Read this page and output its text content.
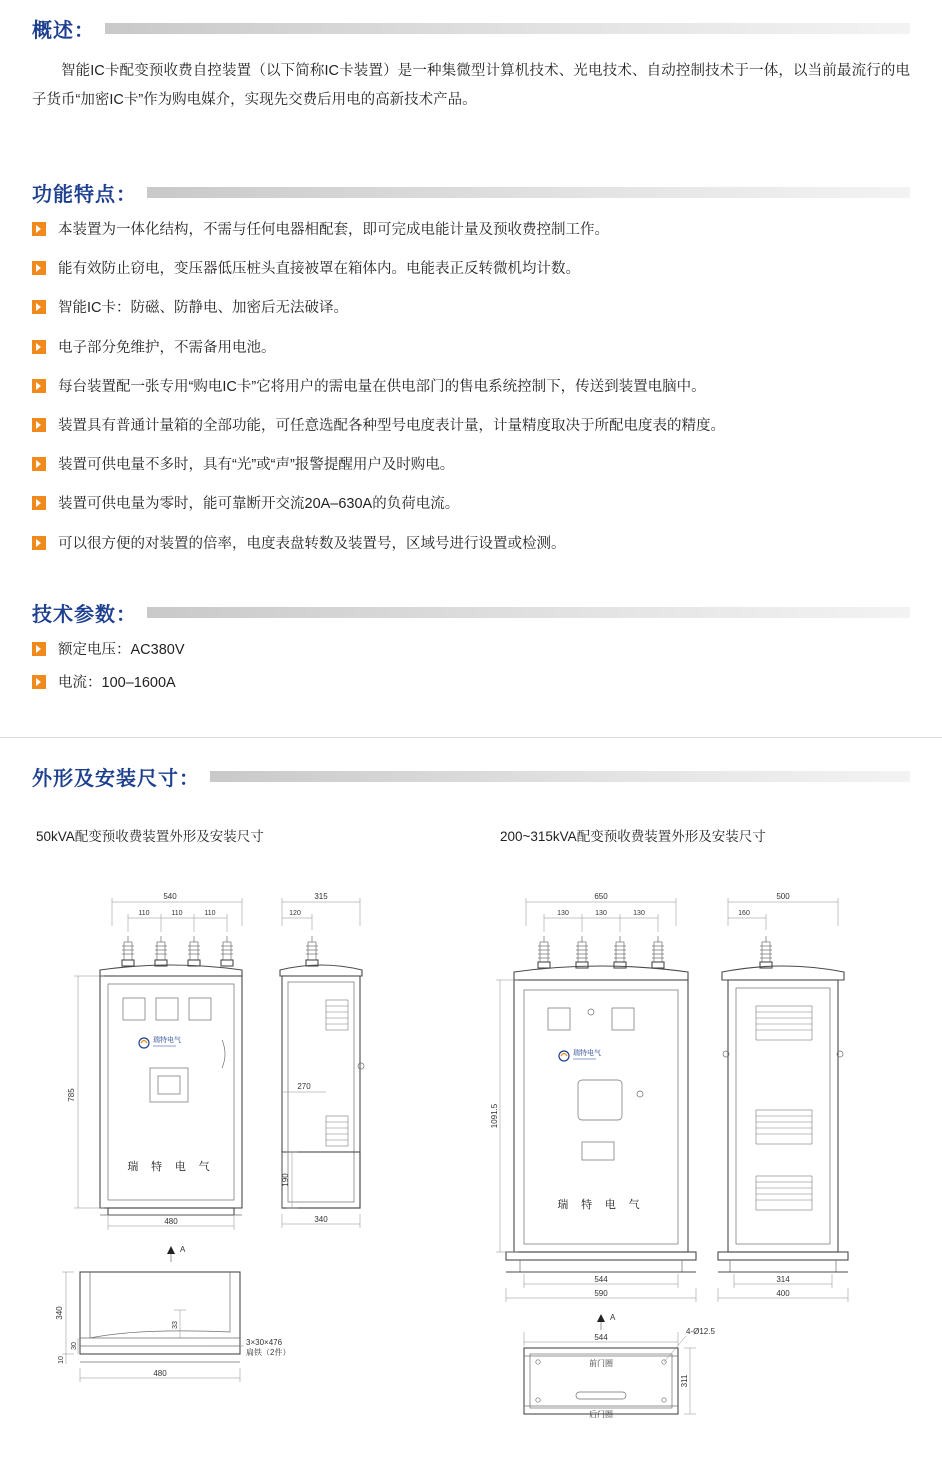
概述：

智能IC卡配变预收费自控装置（以下简称IC卡装置）是一种集微型计算机技术、光电技术、自动控制技术于一体，以当前最流行的电子货币“加密IC卡”作为购电媒介，实现先交费后用电的高新技术产品。

功能特点：
本装置为一体化结构，不需与任何电器相配套，即可完成电能计量及预收费控制工作。
能有效防止窃电，变压器低压桩头直接被罩在箱体内。电能表正反转微机均计数。
智能IC卡：防磁、防静电、加密后无法破译。
电子部分免维护，不需备用电池。
每台装置配一张专用“购电IC卡”它将用户的需电量在供电部门的售电系统控制下，传送到装置电脑中。
装置具有普通计量箱的全部功能，可任意选配各种型号电度表计量，计量精度取决于所配电度表的精度。
装置可供电量不多时，具有“光”或“声”报警提醒用户及时购电。
装置可供电量为零时，能可靠断开交流20A–630A的负荷电流。
可以很方便的对装置的倍率，电度表盘转数及装置号，区域号进行设置或检测。
技术参数：
额定电压：AC380V
电流：100–1600A
外形及安装尺寸：
50kVA配变预收费装置外形及安装尺寸	200~315kVA配变预收费装置外形及安装尺寸
540
110	110	110
瑞特电气
瑞 特 电 气
785
480
A
315
120
270
190
340
340
30
10
33
3×30×476
扁铁（2件）
480
650
130	130	130
瑞特电气
瑞 特 电 气
1091.5
544
590
A
500
160
314
400
544
前门圈
后门圈
4-Ø12.5
311
